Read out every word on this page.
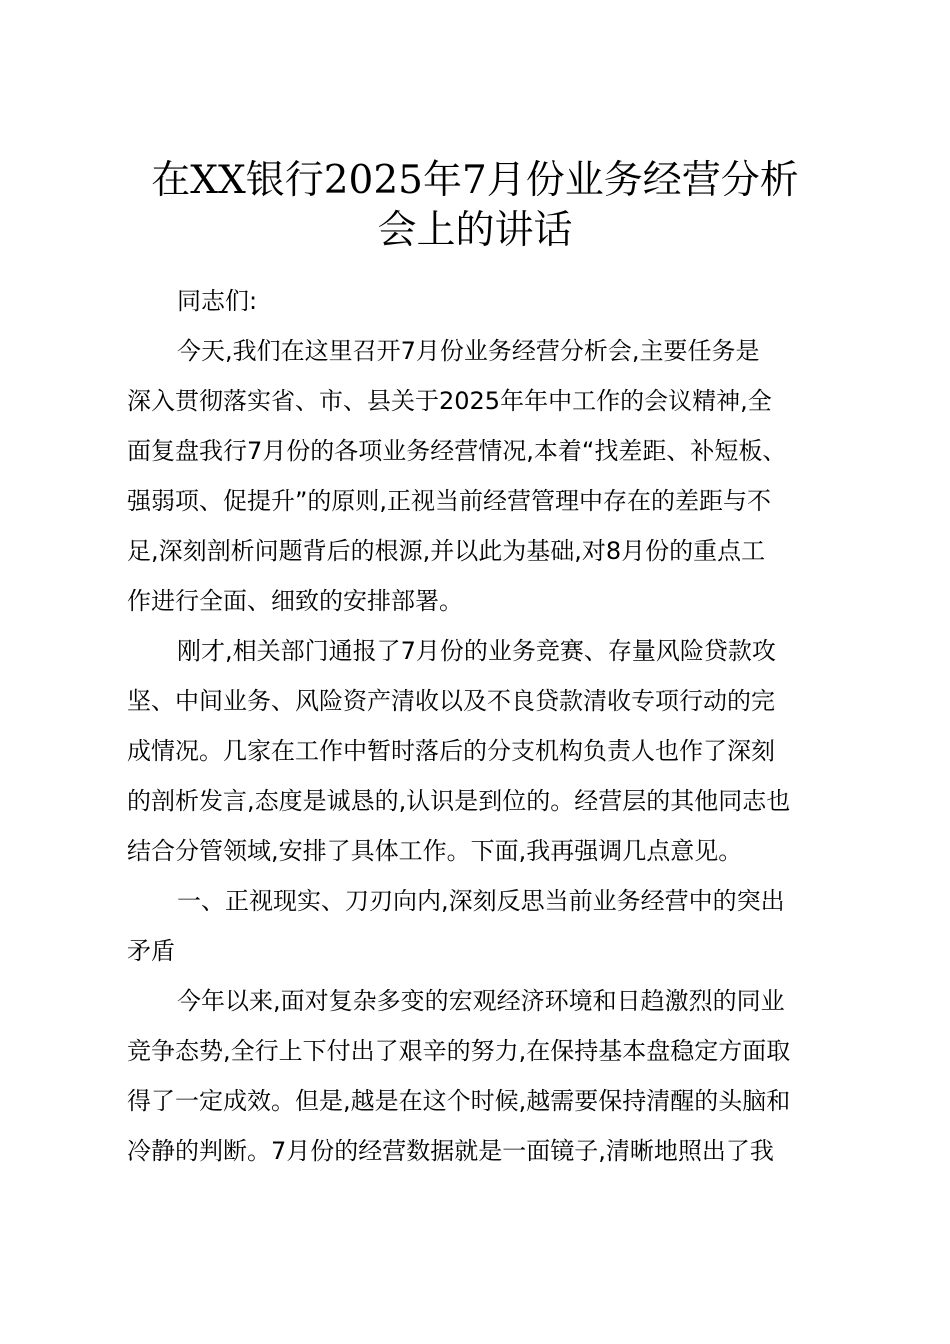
在XX银行2025年7月份业务经营分析
会上的讲话
同志们:
今天,我们在这里召开7月份业务经营分析会,主要任务是
深入贯彻落实省、市、县关于2025年年中工作的会议精神,全
面复盘我行7月份的各项业务经营情况,本着“找差距、补短板、
强弱项、促提升”的原则,正视当前经营管理中存在的差距与不
足,深刻剖析问题背后的根源,并以此为基础,对8月份的重点工
作进行全面、细致的安排部署。
刚才,相关部门通报了7月份的业务竞赛、存量风险贷款攻
坚、中间业务、风险资产清收以及不良贷款清收专项行动的完
成情况。几家在工作中暂时落后的分支机构负责人也作了深刻
的剖析发言,态度是诚恳的,认识是到位的。经营层的其他同志也
结合分管领域,安排了具体工作。下面,我再强调几点意见。
一、正视现实、刀刃向内,深刻反思当前业务经营中的突出
矛盾
今年以来,面对复杂多变的宏观经济环境和日趋激烈的同业
竞争态势,全行上下付出了艰辛的努力,在保持基本盘稳定方面取
得了一定成效。但是,越是在这个时候,越需要保持清醒的头脑和
冷静的判断。7月份的经营数据就是一面镜子,清晰地照出了我
